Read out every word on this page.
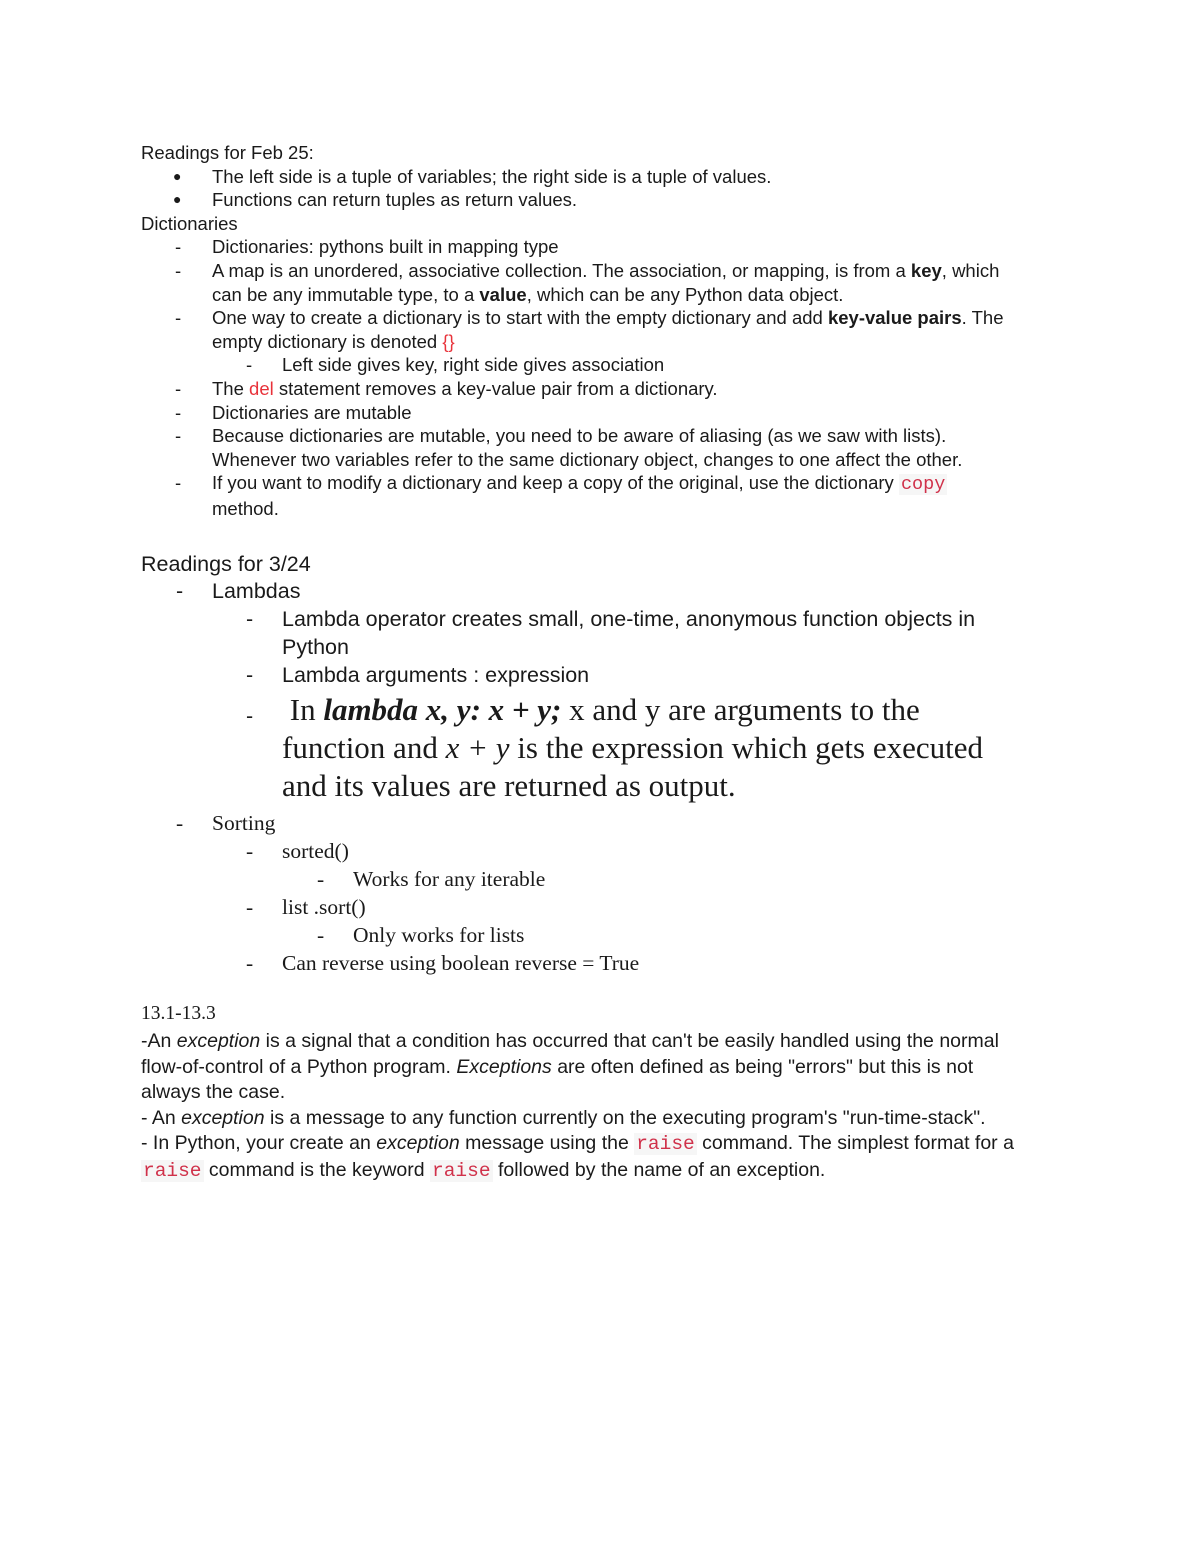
Readings for Feb 25:
● The left side is a tuple of variables; the right side is a tuple of values.
● Functions can return tuples as return values.
Dictionaries
- Dictionaries: pythons built in mapping type
- A map is an unordered, associative collection. The association, or mapping, is from a key, which
can be any immutable type, to a value, which can be any Python data object.
- One way to create a dictionary is to start with the empty dictionary and add key-value pairs. The
empty dictionary is denoted {}
- Left side gives key, right side gives association
- The del statement removes a key-value pair from a dictionary.
- Dictionaries are mutable
- Because dictionaries are mutable, you need to be aware of aliasing (as we saw with lists).
Whenever two variables refer to the same dictionary object, changes to one affect the other.
- If you want to modify a dictionary and keep a copy of the original, use the dictionary copy
method.
Readings for 3/24
- Lambdas
- Lambda operator creates small, one-time, anonymous function objects in
Python
- Lambda arguments : expression
- In lambda x, y: x + y; x and y are arguments to the
function and x + y is the expression which gets executed
and its values are returned as output.
- Sorting
- sorted()
- Works for any iterable
- list .sort()
- Only works for lists
- Can reverse using boolean reverse = True
13.1-13.3
-An exception is a signal that a condition has occurred that can't be easily handled using the normal
flow-of-control of a Python program. Exceptions are often defined as being "errors" but this is not
always the case.
- An exception is a message to any function currently on the executing program's "run-time-stack".
- In Python, your create an exception message using the raise command. The simplest format for a
raise command is the keyword raise followed by the name of an exception.
